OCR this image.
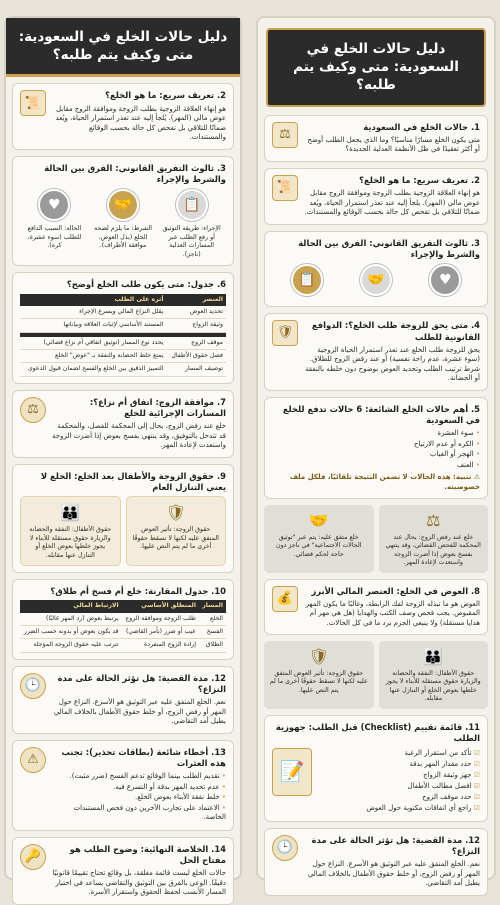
دليل حالات الخلع في السعودية: متى وكيف يتم طلبه؟
2. تعريف سريع: ما هو الخلع؟
هو إنهاء العلاقة الزوجية بطلب الزوجة وموافقة الزوج مقابل عوض مالي (المهر). يُلجأ إليه عند تعذر استمرار الحياة، ويُعد ضمانًا للتلاقي بل تفحص كل حالة بحسب الوقائع والمستندات.
📜
3. ثالوث التفريق القانوني: الفرق بين الحالة والشرط والإجراء
📋
🤝
♥
الإجراء: طريقة التوثيق أو رفع الطلب عبر المسارات العدلية (ناجز).
الشرط: ما يلزم لصحة الخلع (بذل العوض، موافقة الأطراف).
الحالة: السبب الدافع للطلب (سوء عشرة، كره).
6. جدول: متى يكون طلب الخلع أوضح؟
العنصر	أثره على الطلب
تحديد العوض	يقلل النزاع المالي ويسرع الإجراء
وثيقة الزواج	المستند الأساسي لإثبات العلاقة وبياناتها

موقف الزوج	يحدد نوع المسار (توثيق اتفاقي أم نزاع قضائي)
فصل حقوق الأطفال	يمنع خلط الحضانة والنفقة بـ "عوض" الخلع
توصيف المسار	التمييز الدقيق بين الخلع والفسخ لضمان قبول الدعوى
7. موافقة الزوج: اتفاق أم نزاع؟: المسارات الإجرائية للخلع
خلع عند رفض الزوج، يحال إلى المحكمة للفصل، والمحكمة قد تتدخل بالتوفيق، وقد ينتهي بفسخ بعوض إذا أضرت الزوجة واستعدت لإعادة المهر.
⚖
9. حقوق الزوجة والأطفال بعد الخلع: الخلع لا يعني التنازل العام
🛡
حقوق الزوجة: تأثير العوض المتفق عليه لكنها لا تسقط حقوقًا أخرى ما لم يتم النص عليها.
👪
حقوق الأطفال: النفقة والحضانة والزيارة حقوق مستقلة للأبناء لا يجوز خلطها بعوض الخلع أو التنازل عنها مقابله.
10. جدول المقارنة: خلع أم فسخ أم طلاق؟
المسار	المنطلق الأساسي	الارتباط المالي
الخلع	طلب الزوجة وموافقة الزوج	يرتبط بعوض (رد المهر غالبًا)
الفسخ	عيب أو ضرر (بأمر القاضي)	قد يكون بعوض أو بدونه حسب الضرر
الطلاق	إرادة الزوج المنفردة	تترتب عليه حقوق الزوجة المؤجلة
12. مدة القضية: هل تؤثر الحالة على مدة النزاع؟
نعم. الخلع المتفق عليه عبر التوثيق هو الأسرع. النزاع حول المهر أو رفض الزوج، أو خلط حقوق الأطفال بالخلاف المالي يطيل أمد التقاضي.
🕒
13. أخطاء شائعة (بطاقات تحذير): تجنب هذه العثرات
• تقديم الطلب بينما الوقائع تدعم الفسخ (ضرر مثبت).
• عدم تحديد المهر بدقة أو التسرع فيه.
• خلط نفقة الأبناء بعوض الخلع.
• الاعتماد على تجارب الآخرين دون فحص المستندات الخاصة.
⚠
14. الخلاصة النهائية: وضوح الطلب هو مفتاح الحل
حالات الخلع ليست قائمة مغلقة، بل وقائع تحتاج تقييمًا قانونيًا دقيقًا. الوعي بالفرق بين التوثيق والتقاضي يساعد في اختيار المسار الأنسب لحفظ الحقوق واستقرار الأسرة.
🔑
دليل حالات الخلع في السعودية: متى وكيف يتم طلبه؟
1. حالات الخلع في السعودية
متى يكون الخلع مسارًا مناسبًا؟ وما الذي يجعل الطلب أوضح أو أكثر تعقيدًا في ظل الأنظمة العدلية الجديدة؟
⚖
2. تعريف سريع: ما هو الخلع؟
هو إنهاء العلاقة الزوجية بطلب الزوجة وموافقة الزوج مقابل عوض مالي (المهر). يلجأ إليه عند تعذر استمرار الحياة، ويُعد ضمانًا للتلاقي بل تفحص كل حالة بحسب الوقائع والمستندات.
📜
3. ثالوث التفريق القانوني: الفرق بين الحالة والشرط والإجراء
♥
🤝
📋
4. متى يحق للزوجة طلب الخلع؟: الدوافع القانونية للطلب
يحق للزوجة طلب الخلع عند تعذر استمرار الحياة الزوجية (سوء عشرة، عدم راحة نفسية) أو عند رفض الزوج للطلاق. شرط ترتيب الطلب وتحديد العوض بوضوح دون خلطه بالنفقة أو الحضانة.
🛡
5. أهم حالات الخلع الشائعة: 6 حالات تدفع للخلع في السعودية
• سوء العشرة
• الكره أو عدم الارتياح
• الهجر أو الغياب
• العنف
⚠ تنبيه: هذه الحالات لا تضمن النتيجة تلقائيًا، فلكل ملف خصوصيته.
⚖
خلع عند رفض الزوج: يحال عند المحكمة للفحص القضائي، وقد ينتهي بفسخ بعوض إذا أضرت الزوجة واستعدت لإعادة المهر.
🤝
خلع متفق عليه: يتم عبر "توثيق الحالات الاجتماعية" في ناجز دون حاجة لحكم قضائي.
8. العوض في الخلع: العنصر المالي الأبرز
العوض هو ما تبذله الزوجة لفك الرابطة، وغالبًا ما يكون المهر المقبوض. يجب فحص وصف الكتب والهدايا (هل هي مهر أم هدايا مستقلة) ولا ينبغي الجزم برد ما في كل الحالات.
💰
👪
حقوق الأطفال: النفقة والحضانة والزيارة حقوق مستقلة للأبناء لا يجوز خلطها بعوض الخلع أو التنازل عنها مقابله.
🛡
حقوق الزوجة: تأثير العوض المتفق عليه لكنها لا تسقط حقوقًا أخرى ما لم يتم النص عليها.
11. قائمة تقييم (Checklist) قبل الطلب: جهوزية الطلب
☑ تأكد من استقرار الرغبة
☑ حدد مقدار المهر بدقة
☑ جهز وثيقة الزواج
☑ افصل مطالب الأطفال
☑ حدد موقف الزوج
☑ راجع أي اتفاقات مكتوبة حول العوض
📝
12. مدة القضية: هل تؤثر الحالة على مدة النزاع؟
نعم. الخلع المتفق عليه عبر التوثيق هو الأسرع. النزاع حول المهر أو رفض الزوج، أو خلط حقوق الأطفال بالخلاف المالي يطيل أمد التقاضي.
🕒
